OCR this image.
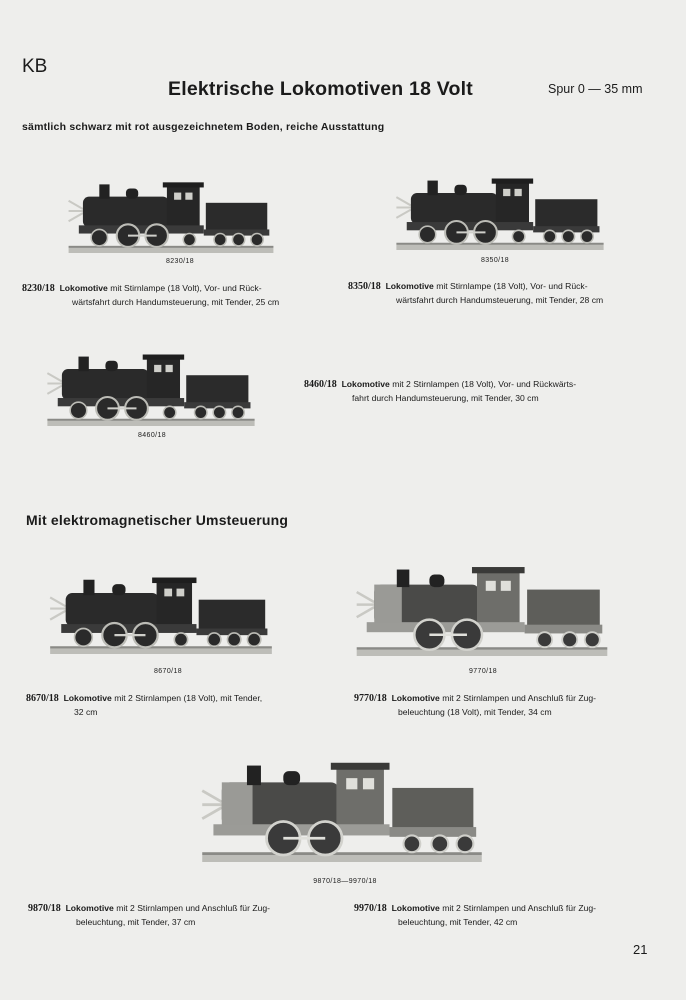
KB
Elektrische Lokomotiven 18 Volt	Spur 0 — 35 mm
sämtlich schwarz mit rot ausgezeichnetem Boden, reiche Ausstattung
8230/18
8230/18 Lokomotive mit Stirnlampe (18 Volt), Vor- und Rück-
wärtsfahrt durch Handumsteuerung, mit Tender, 25 cm
8350/18
8350/18 Lokomotive mit Stirnlampe (18 Volt), Vor- und Rück-
wärtsfahrt durch Handumsteuerung, mit Tender, 28 cm
8460/18
8460/18 Lokomotive mit 2 Stirnlampen (18 Volt), Vor- und Rückwärts-
fahrt durch Handumsteuerung, mit Tender, 30 cm
Mit elektromagnetischer Umsteuerung
8670/18
8670/18 Lokomotive mit 2 Stirnlampen (18 Volt), mit Tender,
32 cm
9770/18
9770/18 Lokomotive mit 2 Stirnlampen und Anschluß für Zug-
beleuchtung (18 Volt), mit Tender, 34 cm
9870/18—9970/18
9870/18 Lokomotive mit 2 Stirnlampen und Anschluß für Zug-
beleuchtung, mit Tender, 37 cm
9970/18 Lokomotive mit 2 Stirnlampen und Anschluß für Zug-
beleuchtung, mit Tender, 42 cm
21
